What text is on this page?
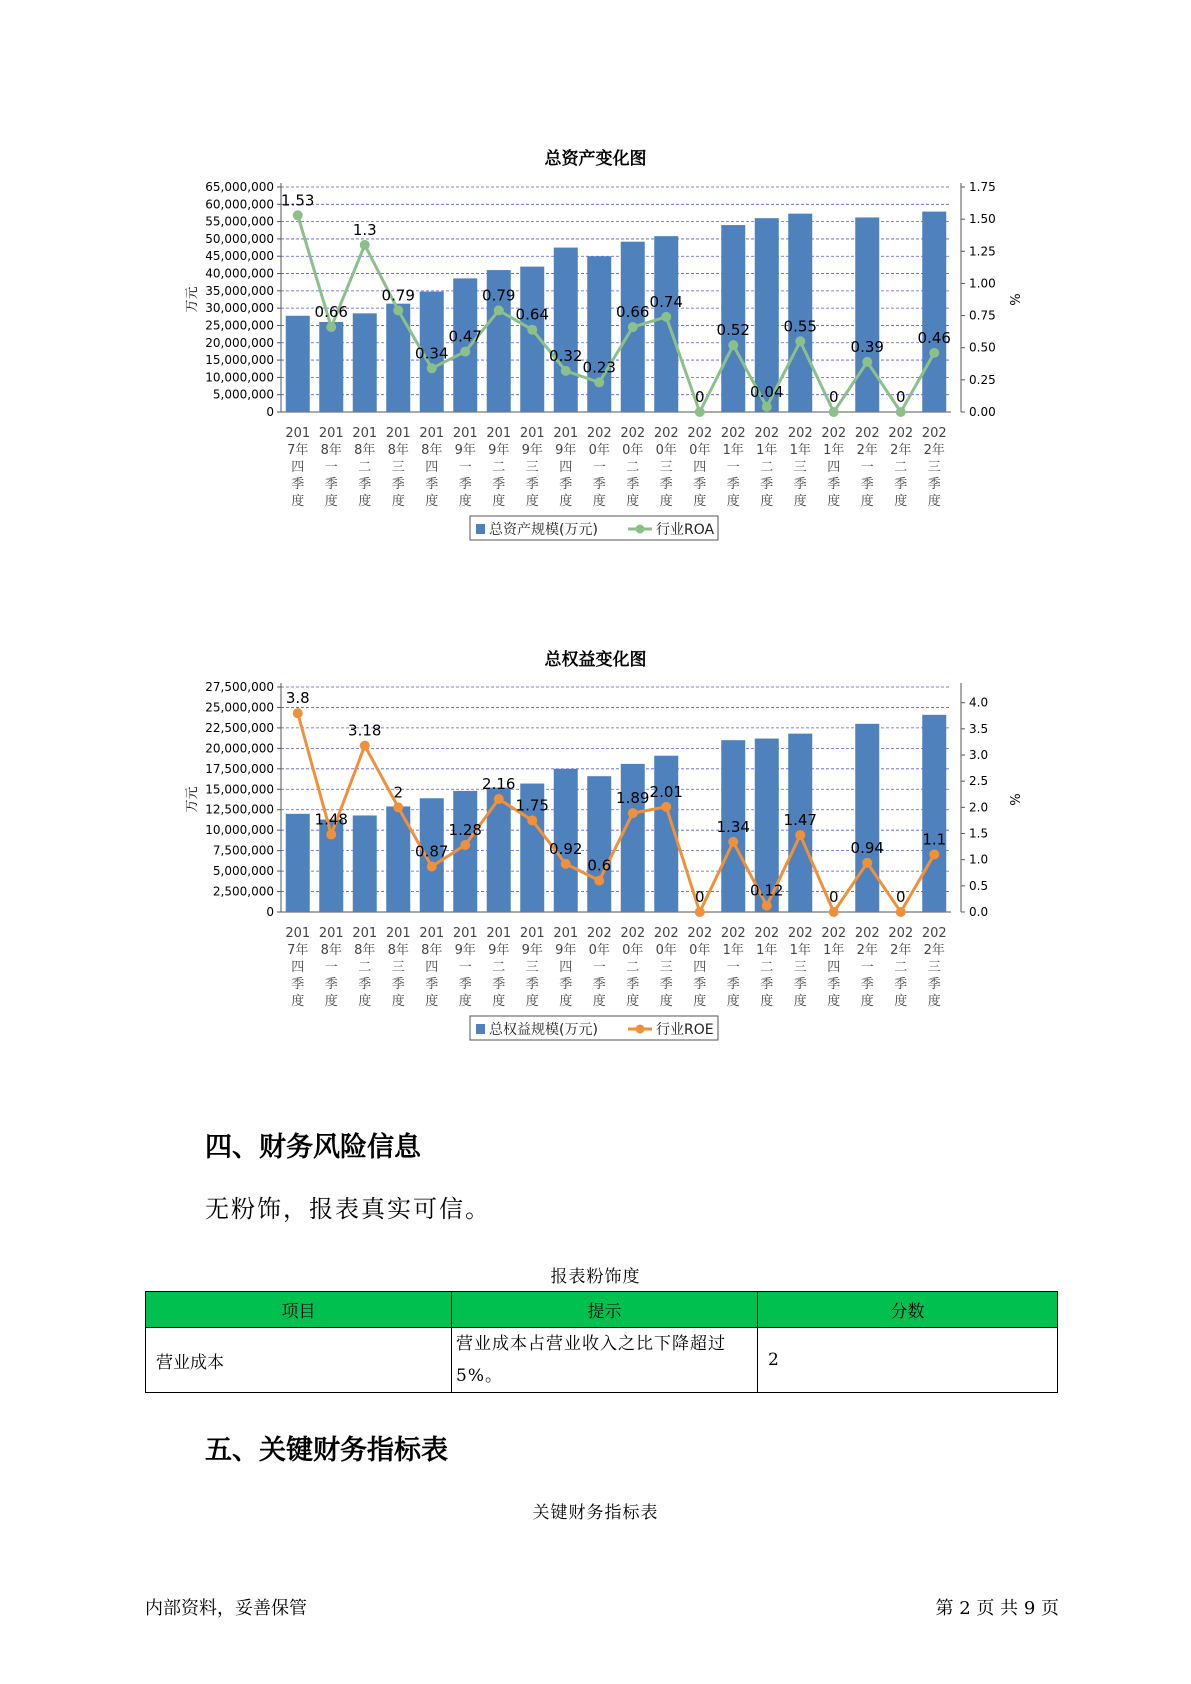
总资产变化图
65,000,000
60,000,000
55,000,000
50,000,000
45,000,000
40,000,000
35,000,000
30,000,000
25,000,000
20,000,000
15,000,000
10,000,000
5,000,000
0
1.75
1.50
1.25
1.00
0.75
0.50
0.25
0.00
万元	%
1.53
0.66
1.3
0.79
0.34
0.47
0.79
0.64
0.32
0.23
0.66
0.74
0
0.52
0.04
0.55
0
0.39
0
0.46
201
7年
四
季
度
201
8年
一
季
度
201
8年
二
季
度
201
8年
三
季
度
201
8年
四
季
度
201
9年
一
季
度
201
9年
二
季
度
201
9年
三
季
度
201
9年
四
季
度
202
0年
一
季
度
202
0年
二
季
度
202
0年
三
季
度
202
0年
四
季
度
202
1年
一
季
度
202
1年
二
季
度
202
1年
三
季
度
202
1年
四
季
度
202
2年
一
季
度
202
2年
二
季
度
202
2年
三
季
度
总资产规模(万元)	行业ROA
总权益变化图
27,500,000
25,000,000
22,500,000
20,000,000
17,500,000
15,000,000
12,500,000
10,000,000
7,500,000
5,000,000
2,500,000
0
4.0
3.5
3.0
2.5
2.0
1.5
1.0
0.5
0.0
万元	%
3.8
1.48
3.18
2
0.87
1.28
2.16
1.75
0.92
0.6
1.89 2.01
0
1.34
0.12
1.47
0
0.94
0
1.1
201
7年
四
季
度
201
8年
一
季
度
201
8年
二
季
度
201
8年
三
季
度
201
8年
四
季
度
201
9年
一
季
度
201
9年
二
季
度
201
9年
三
季
度
201
9年
四
季
度
202
0年
一
季
度
202
0年
二
季
度
202
0年
三
季
度
202
0年
四
季
度
202
1年
一
季
度
202
1年
二
季
度
202
1年
三
季
度
202
1年
四
季
度
202
2年
一
季
度
202
2年
二
季
度
202
2年
三
季
度
总权益规模(万元)	行业ROE
四、财务风险信息
无粉饰，报表真实可信。
报表粉饰度
项目	提示	分数
营业成本	营业成本占营业收入之比下降超过5%。	2
五、关键财务指标表
关键财务指标表
内部资料，妥善保管	第 2 页 共 9 页
